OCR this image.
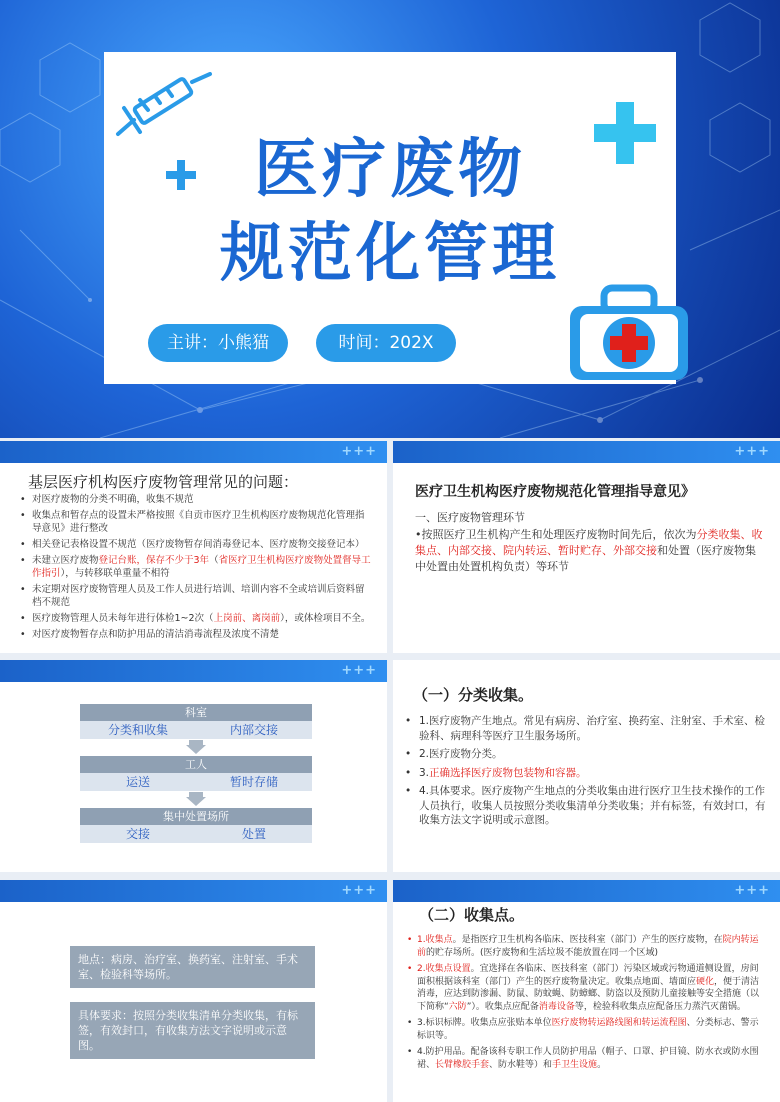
医疗废物
规范化管理
主讲：小熊猫	时间：202X
+++
基层医疗机构医疗废物管理常见的问题：
• 对医疗废物的分类不明确，收集不规范
• 收集点和暂存点的设置未严格按照《自贡市医疗卫生机构医疗废物规范化管理指导意见》进行整改
• 相关登记表格设置不规范（医疗废物暂存间消毒登记本、医疗废物交接登记本）
• 未建立医疗废物登记台账，保存不少于3年（省医疗卫生机构医疗废物处置督导工作指引），与转移联单重量不相符
• 未定期对医疗废物管理人员及工作人员进行培训、培训内容不全或培训后资料留档不规范
• 医疗废物管理人员未每年进行体检1~2次（上岗前、离岗前），或体检项目不全。
• 对医疗废物暂存点和防护用品的清洁消毒流程及浓度不清楚
+++
医疗卫生机构医疗废物规范化管理指导意见》
一、医疗废物管理环节
•按照医疗卫生机构产生和处理医疗废物时间先后，依次为分类收集、收集点、内部交接、院内转运、暂时贮存、外部交接和处置（医疗废物集中处置由处置机构负责）等环节
+++
科室
分类和收集	内部交接
工人
运送	暂时存储
集中处置场所
交接	处置
（一）分类收集。
• 1.医疗废物产生地点。常见有病房、治疗室、换药室、注射室、手术室、检验科、病理科等医疗卫生服务场所。
• 2.医疗废物分类。
• 3.正确选择医疗废物包装物和容器。
• 4.具体要求。医疗废物产生地点的分类收集由进行医疗卫生技术操作的工作人员执行，收集人员按照分类收集清单分类收集；并有标签，有效封口，有收集方法文字说明或示意图。
+++
地点：病房、治疗室、换药室、注射室、手术室、检验科等场所。
具体要求：按照分类收集清单分类收集，有标签，有效封口，有收集方法文字说明或示意图。
+++
（二）收集点。
• 1.收集点。是指医疗卫生机构各临床、医技科室（部门）产生的医疗废物，在院内转运前的贮存场所。(医疗废物和生活垃圾不能放置在同一个区域)
• 2.收集点设置。宜选择在各临床、医技科室（部门）污染区域或污物通道侧设置，房间面积根据该科室（部门）产生的医疗废物量决定。收集点地面、墙面应硬化，便于清洁消毒，应达到防渗漏、防鼠、防蚊蝇、防蟑螂、防盗以及预防儿童接触等安全措施（以下简称“六防”）。收集点应配备消毒设备等，检验科收集点应配备压力蒸汽灭菌锅。
• 3.标识标牌。收集点应张贴本单位医疗废物转运路线图和转运流程图、分类标志、警示标识等。
• 4.防护用品。配备该科专职工作人员防护用品（帽子、口罩、护目镜、防水衣或防水围裙、长臂橡胶手套、防水鞋等）和手卫生设施。
